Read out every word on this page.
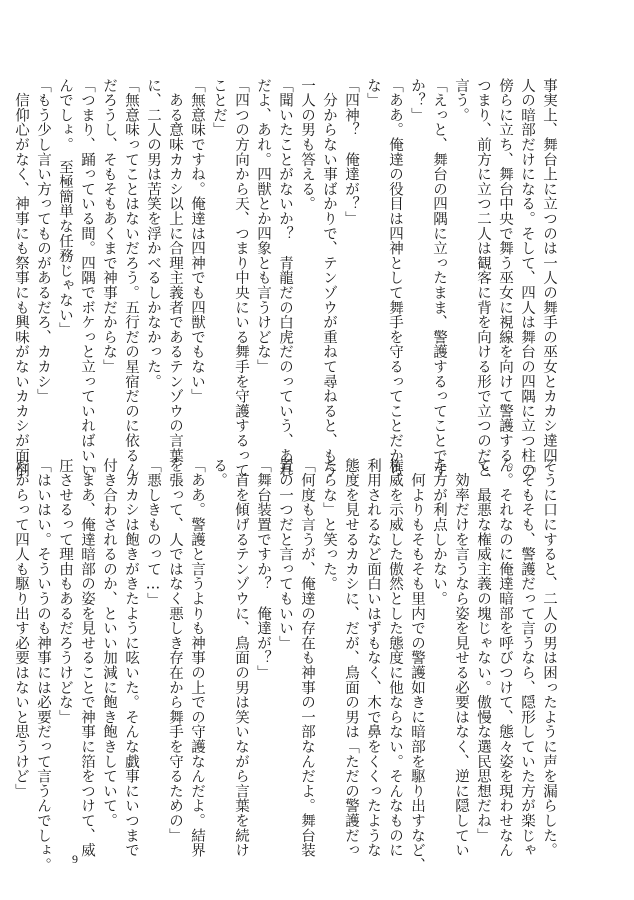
事実上、舞台上に立つのは一人の舞手の巫女とカカシ達四
人の暗部だけになる。そして、四人は舞台の四隅に立つ柱の
傍らに立ち、舞台中央で舞う巫女に視線を向けて警護する。
つまり、前方に立つ二人は観客に背を向ける形で立つのだと
言う。
「えっと、舞台の四隅に立ったまま、警護するってことです
か？」
「ああ。俺達の役目は四神として舞手を守るってことだから
な」
「四神？　俺達が？」
　分からない事ばかりで、テンゾウが重ねて尋ねると、もう
一人の男も答える。
「聞いたことがないか？　青龍だの白虎だのっていう、あれ
だよ、あれ。四獣とか四象とも言うけどな」
「四つの方向から天、つまり中央にいる舞手を守護するって
ことだ」
「無意味ですね。俺達は四神でも四獣でもない」
　ある意味カカシ以上に合理主義者であるテンゾウの言葉
に、二人の男は苦笑を浮かべるしかなかった。
「無意味ってことはないだろう。五行だの星宿だのに依るん
だろうし、そもそもあくまで神事だからな」
「つまり、踊っている間。四隅でボケっと立っていればいい
んでしょ。　至極簡単な任務じゃない」
「もう少し言い方ってものがあるだろ、カカシ」
　信仰心がなく、神事にも祭事にも興味がないカカシが面倒
そうに口にすると、二人の男は困ったように声を漏らした。
「そもそも、警護だって言うなら、隠形していた方が楽じゃ
ん。それなのに俺達暗部を呼びつけて、態々姿を現わせなん
て、最悪な権威主義の塊じゃない。傲慢な選民思想だね」
　効率だけを言うなら姿を見せる必要はなく、逆に隠してい
た方が利点しかない。
　何よりもそもそも里内での警護如きに暗部を駆り出すなど、
権威を示威した傲然とした態度に他ならない。そんなものに
利用されるなど面白いはずもなく、木で鼻をくくったような
態度を見せるカカシに、だが、鳥面の男は「ただの警護だっ
たらな」と笑った。
「何度も言うが、俺達の存在も神事の一部なんだよ。舞台装
置の一つだと言ってもいい」
「舞台装置ですか？　俺達が？」
　首を傾げるテンゾウに、鳥面の男は笑いながら言葉を続け
る。
「ああ。警護と言うよりも神事の上での守護なんだよ。結界
を張って、人ではなく悪しき存在から舞手を守るための」
「悪しきものって…」
　カカシは飽きがきたように呟いた。そんな戯事にいつまで
付き合わされるのか、といい加減に飽き飽きしていて。
「まあ、俺達暗部の姿を見せることで神事に箔をつけて、威
圧させるって理由もあるだろうけどな」
「はいはい。そういうのも神事には必要だって言うんでしょ。
だからって四人も駆り出す必要はないと思うけど」
9
